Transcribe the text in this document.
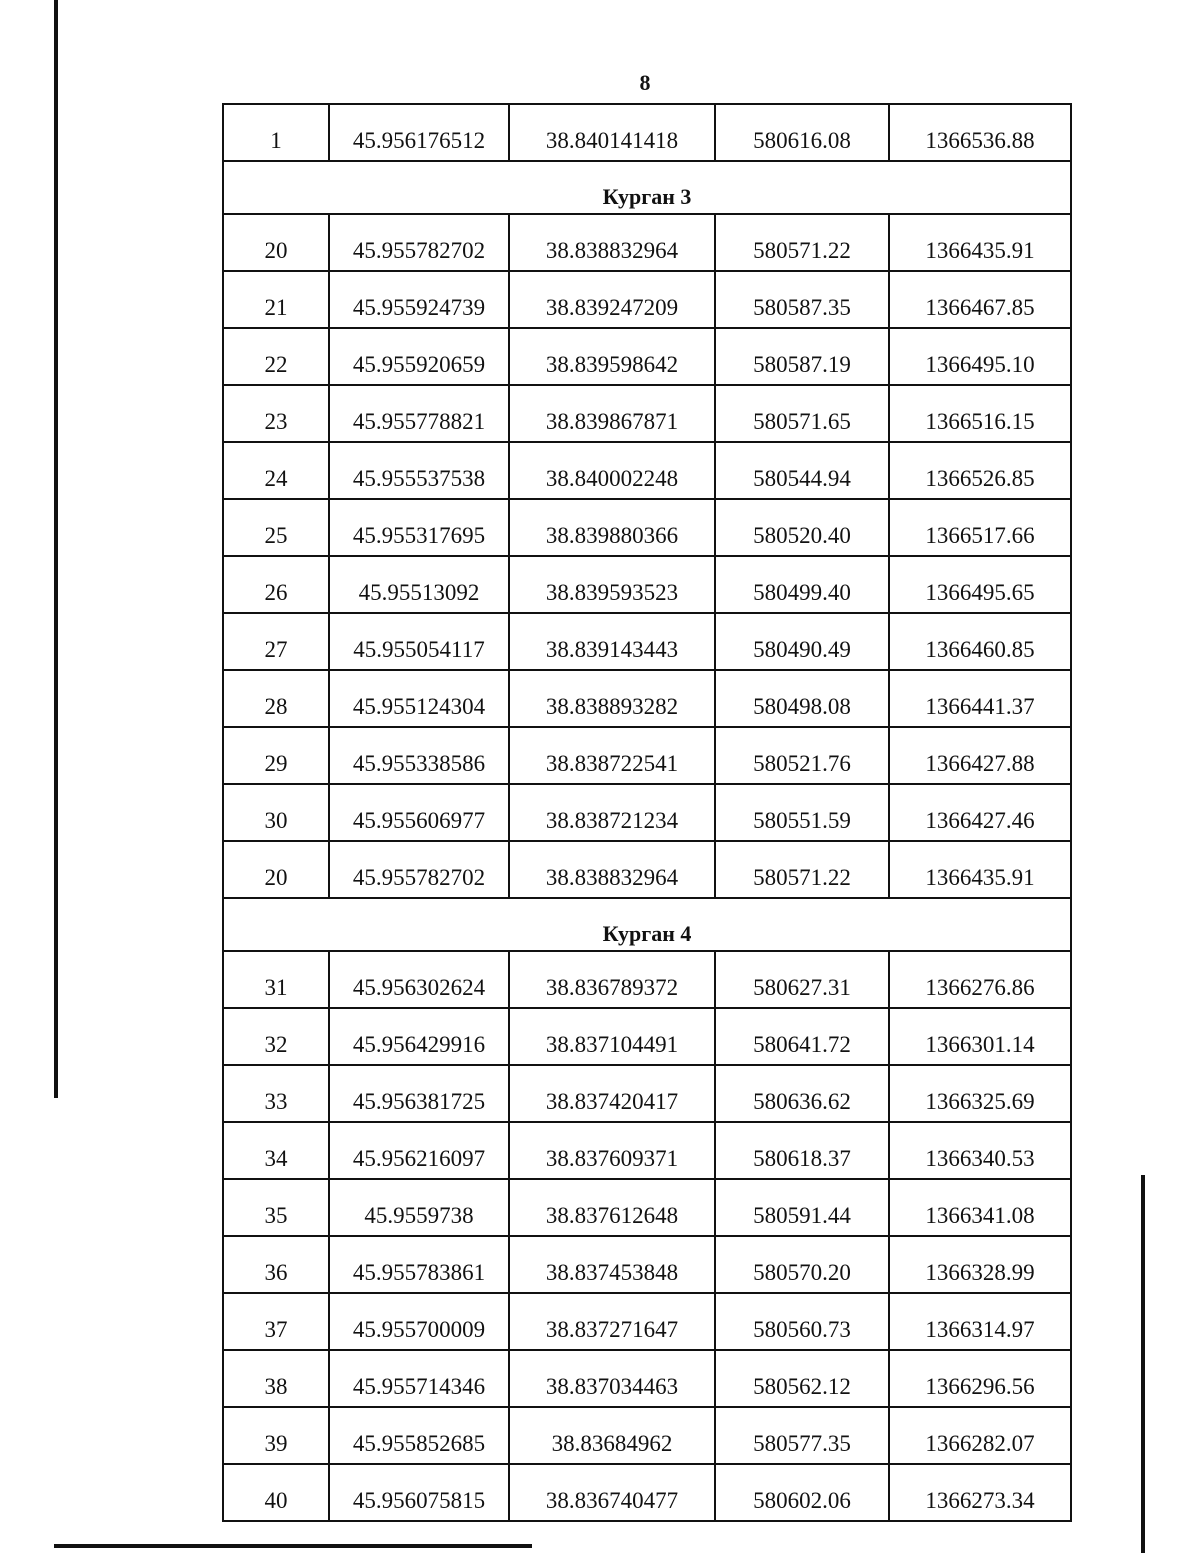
8
1	45.956176512	38.840141418	580616.08	1366536.88
Курган 3				
20	45.955782702	38.838832964	580571.22	1366435.91
21	45.955924739	38.839247209	580587.35	1366467.85
22	45.955920659	38.839598642	580587.19	1366495.10
23	45.955778821	38.839867871	580571.65	1366516.15
24	45.955537538	38.840002248	580544.94	1366526.85
25	45.955317695	38.839880366	580520.40	1366517.66
26	45.95513092	38.839593523	580499.40	1366495.65
27	45.955054117	38.839143443	580490.49	1366460.85
28	45.955124304	38.838893282	580498.08	1366441.37
29	45.955338586	38.838722541	580521.76	1366427.88
30	45.955606977	38.838721234	580551.59	1366427.46
20	45.955782702	38.838832964	580571.22	1366435.91
Курган 4				
31	45.956302624	38.836789372	580627.31	1366276.86
32	45.956429916	38.837104491	580641.72	1366301.14
33	45.956381725	38.837420417	580636.62	1366325.69
34	45.956216097	38.837609371	580618.37	1366340.53
35	45.9559738	38.837612648	580591.44	1366341.08
36	45.955783861	38.837453848	580570.20	1366328.99
37	45.955700009	38.837271647	580560.73	1366314.97
38	45.955714346	38.837034463	580562.12	1366296.56
39	45.955852685	38.83684962	580577.35	1366282.07
40	45.956075815	38.836740477	580602.06	1366273.34
